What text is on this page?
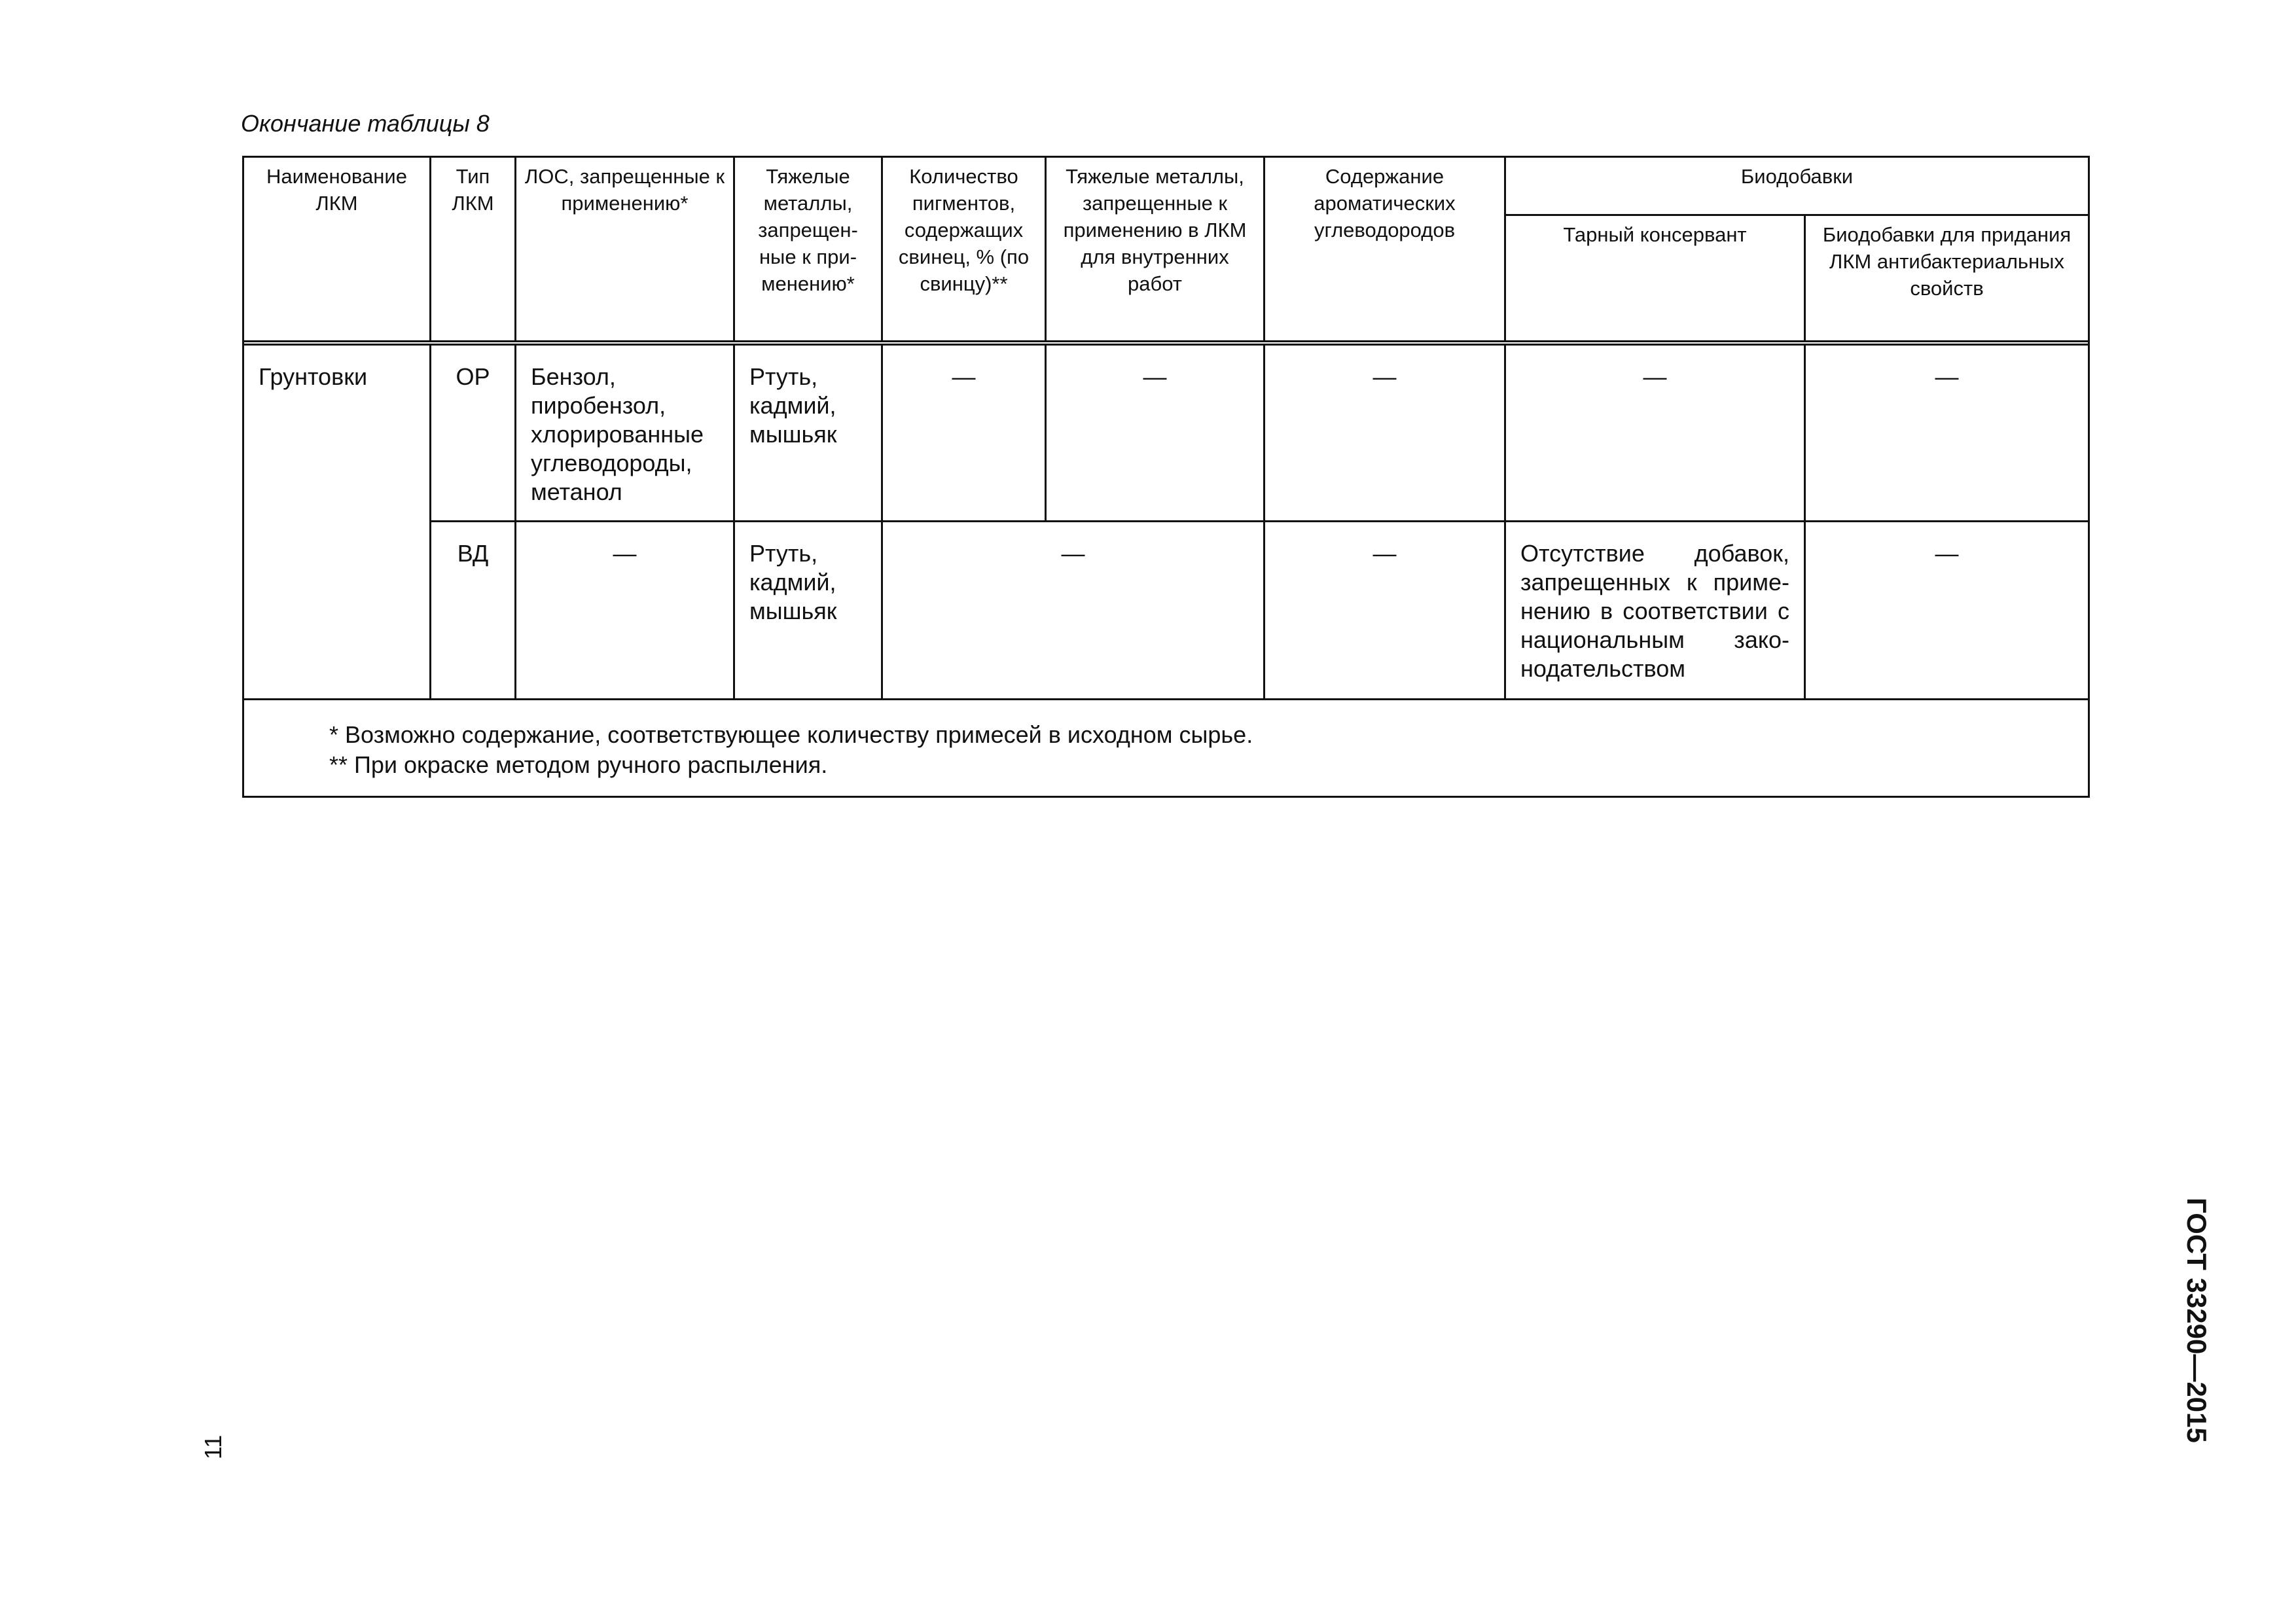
Окончание таблицы 8
Наименование ЛКМ	Тип ЛКМ	ЛОС, запрещенные к применению*	Тяжелые металлы, запрещен- ные к при- менению*	Количество пигментов, содержащих свинец, % (по свинцу)**	Тяжелые металлы, запрещенные к применению в ЛКМ для внутренних работ	Содержание ароматических углеводородов	Биодобавки	

							Тарный консервант	Биодобавки для придания ЛКМ антибактериальных свойств

Грунтовки	ОР	Бензол, пиробензол, хлорированные углеводороды, метанол	Ртуть, кадмий, мышьяк	—	—	—	—	—

	ВД	—	Ртуть, кадмий, мышьяк	—		—	Отсутствие добавок, запрещенных к приме- нению в соответствии с национальным зако- нодательством	—

* Возможно содержание, соответствующее количеству примесей в исходном сырье.
** При окраске методом ручного распыления.								
ГОСТ 33290—2015
11
